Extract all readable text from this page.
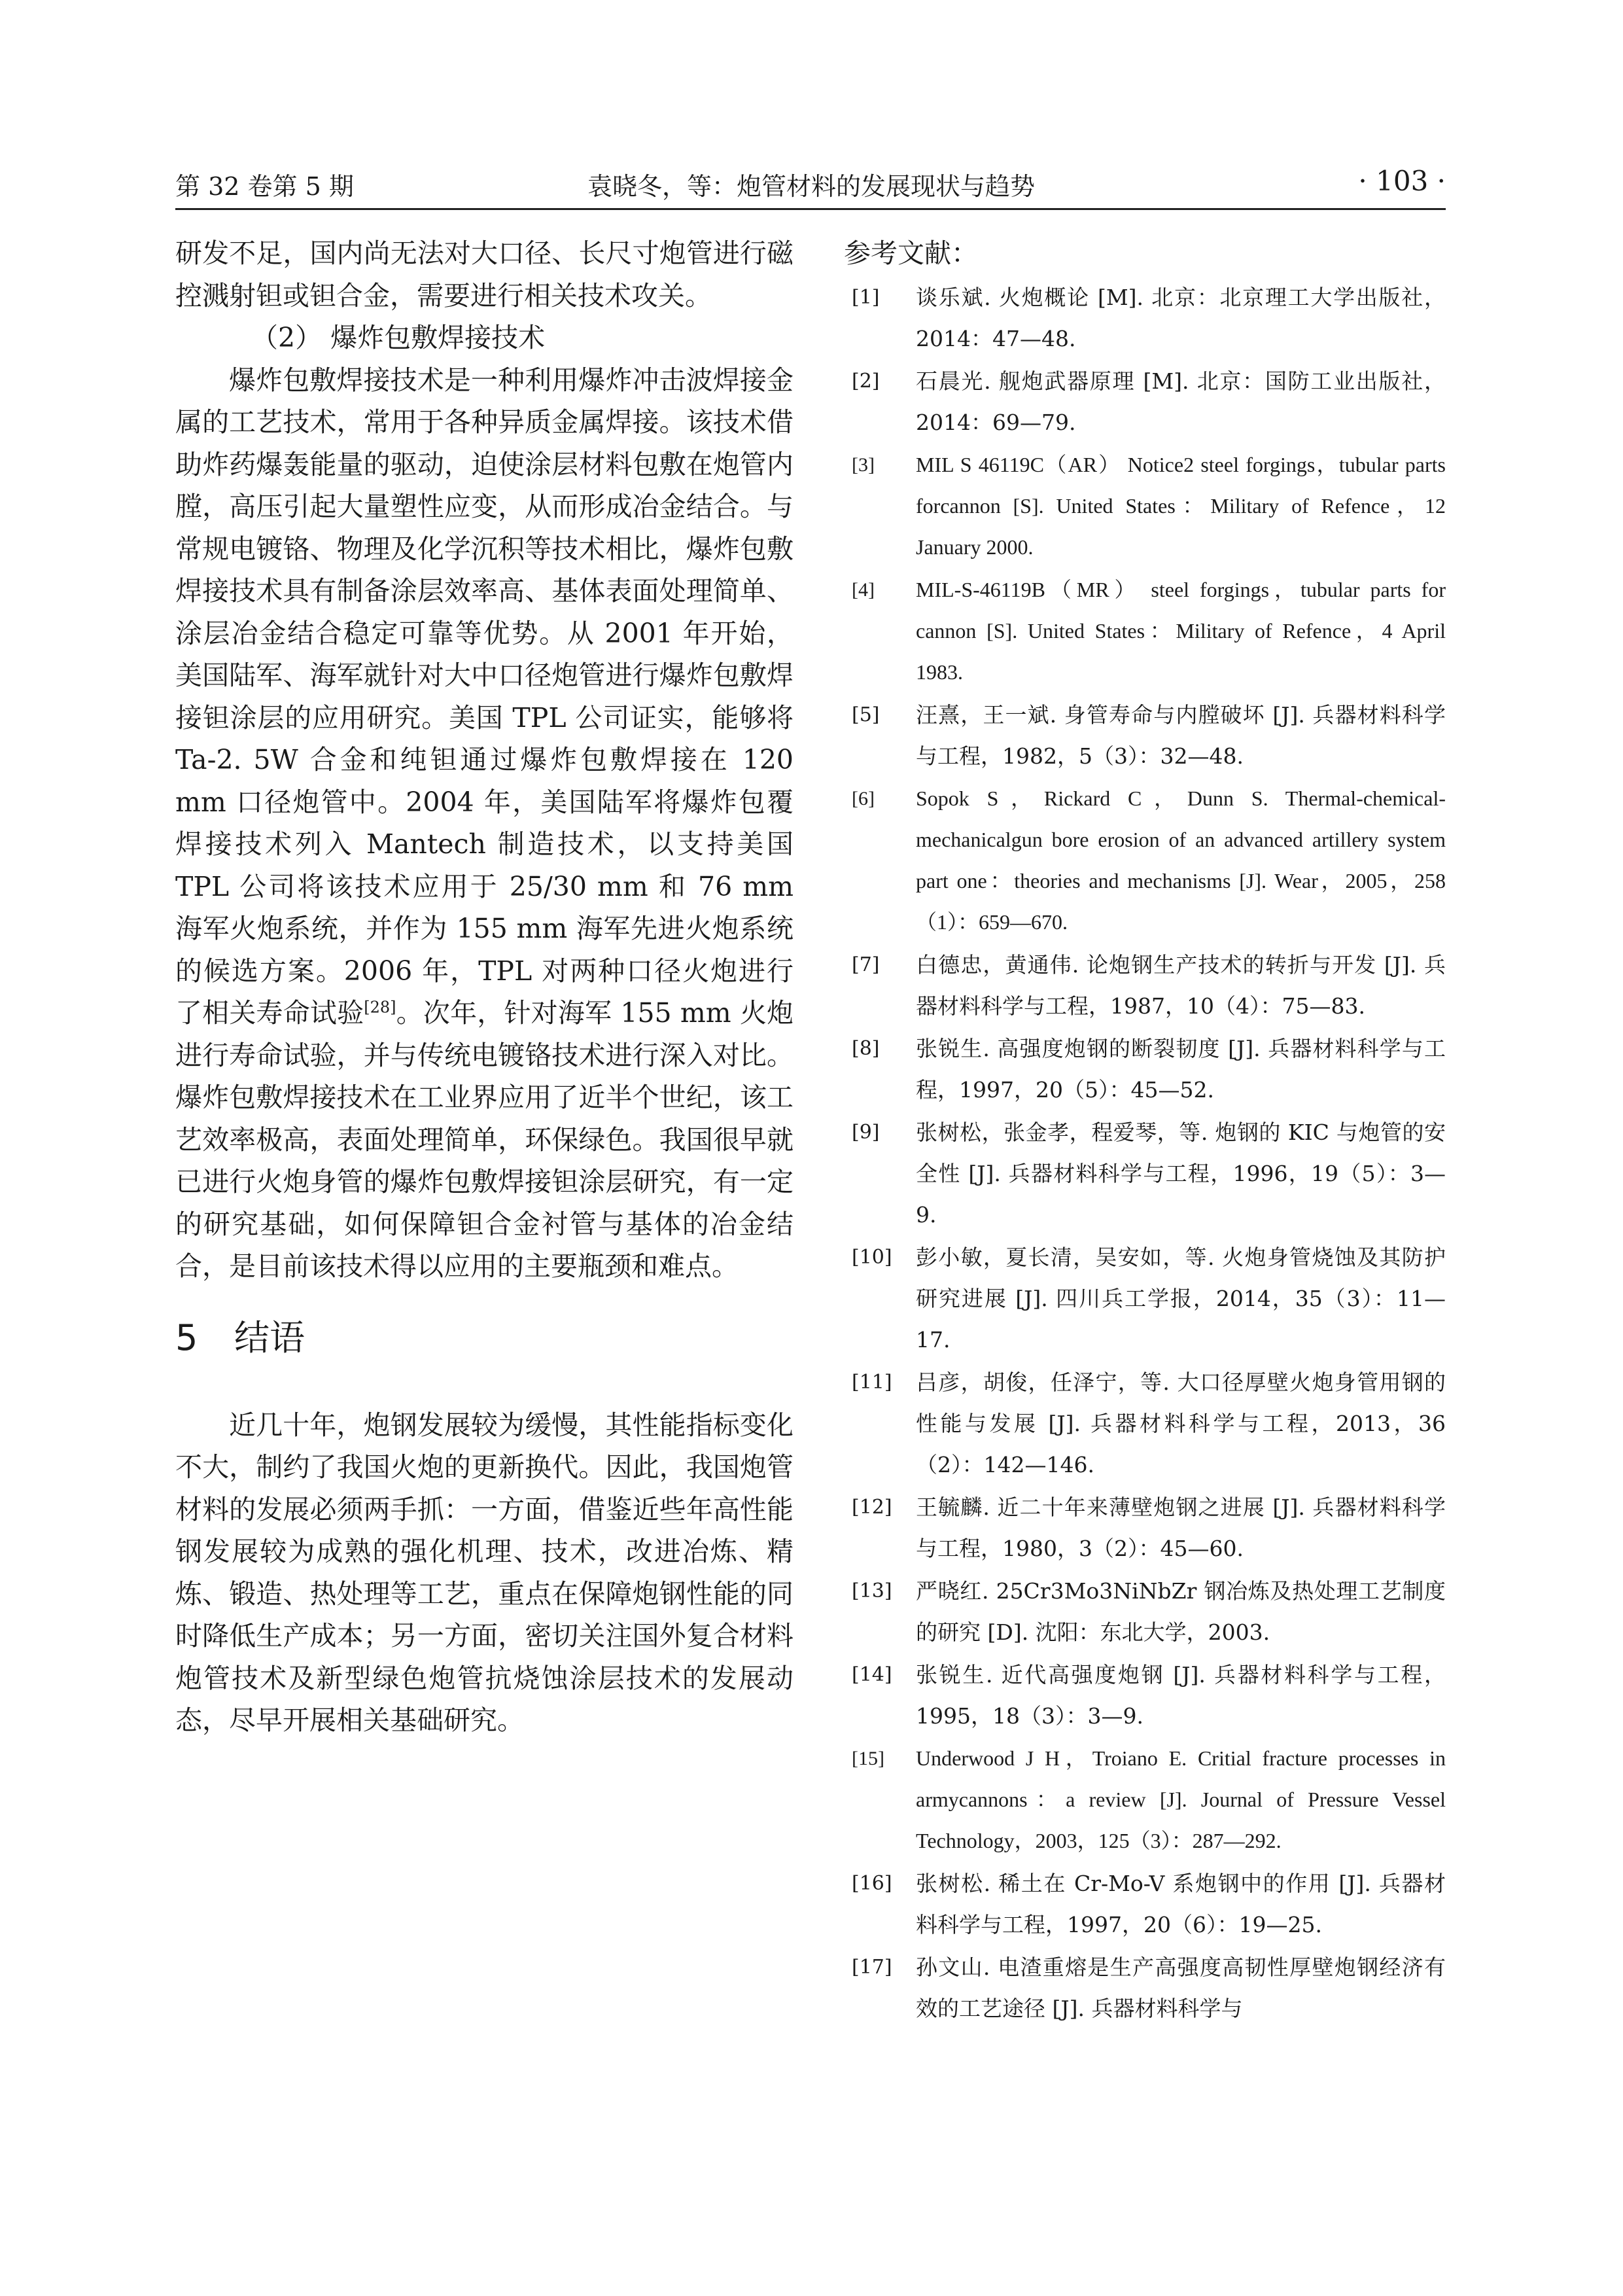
第 32 卷第 5 期	袁晓冬，等：炮管材料的发展现状与趋势	· 103 ·

研发不足，国内尚无法对大口径、长尺寸炮管进行磁控溅射钽或钽合金，需要进行相关技术攻关。

（2） 爆炸包敷焊接技术

爆炸包敷焊接技术是一种利用爆炸冲击波焊接金属的工艺技术，常用于各种异质金属焊接。该技术借助炸药爆轰能量的驱动，迫使涂层材料包敷在炮管内膛，高压引起大量塑性应变，从而形成冶金结合。与常规电镀铬、物理及化学沉积等技术相比，爆炸包敷焊接技术具有制备涂层效率高、基体表面处理简单、涂层冶金结合稳定可靠等优势。从 2001 年开始，美国陆军、海军就针对大中口径炮管进行爆炸包敷焊接钽涂层的应用研究。美国 TPL 公司证实，能够将 Ta-2. 5W 合金和纯钽通过爆炸包敷焊接在 120 mm 口径炮管中。2004 年，美国陆军将爆炸包覆焊接技术列入 Mantech 制造技术，以支持美国 TPL 公司将该技术应用于 25/30 mm 和 76 mm 海军火炮系统，并作为 155 mm 海军先进火炮系统的候选方案。2006 年，TPL 对两种口径火炮进行了相关寿命试验[28]。次年，针对海军 155 mm 火炮进行寿命试验，并与传统电镀铬技术进行深入对比。爆炸包敷焊接技术在工业界应用了近半个世纪，该工艺效率极高，表面处理简单，环保绿色。我国很早就已进行火炮身管的爆炸包敷焊接钽涂层研究，有一定的研究基础，如何保障钽合金衬管与基体的冶金结合，是目前该技术得以应用的主要瓶颈和难点。

5 结语

近几十年，炮钢发展较为缓慢，其性能指标变化不大，制约了我国火炮的更新换代。因此，我国炮管材料的发展必须两手抓：一方面，借鉴近些年高性能钢发展较为成熟的强化机理、技术，改进冶炼、精炼、锻造、热处理等工艺，重点在保障炮钢性能的同时降低生产成本；另一方面，密切关注国外复合材料炮管技术及新型绿色炮管抗烧蚀涂层技术的发展动态，尽早开展相关基础研究。

参考文献：
[1] 谈乐斌. 火炮概论 [M]. 北京：北京理工大学出版社，2014：47—48.
[2] 石晨光. 舰炮武器原理 [M]. 北京：国防工业出版社，2014：69—79.
[3] MIL S 46119C（AR） Notice2 steel forgings，tubular parts forcannon [S]. United States：Military of Refence，12 January 2000.
[4] MIL-S-46119B（MR） steel forgings，tubular parts for cannon [S]. United States：Military of Refence，4 April 1983.
[5] 汪熹，王一斌. 身管寿命与内膛破坏 [J]. 兵器材料科学与工程，1982，5（3）：32—48.
[6] Sopok S，Rickard C，Dunn S. Thermal-chemical-mechanicalgun bore erosion of an advanced artillery system part one：theories and mechanisms [J]. Wear，2005，258（1）：659—670.
[7] 白德忠，黄通伟. 论炮钢生产技术的转折与开发 [J]. 兵器材料科学与工程，1987，10（4）：75—83.
[8] 张锐生. 高强度炮钢的断裂韧度 [J]. 兵器材料科学与工程，1997，20（5）：45—52.
[9] 张树松，张金孝，程爱琴，等. 炮钢的 KIC 与炮管的安全性 [J]. 兵器材料科学与工程，1996，19（5）：3—9.
[10] 彭小敏，夏长清，吴安如，等. 火炮身管烧蚀及其防护研究进展 [J]. 四川兵工学报，2014，35（3）：11—17.
[11] 吕彦，胡俊，任泽宁，等. 大口径厚壁火炮身管用钢的性能与发展 [J]. 兵器材料科学与工程，2013，36（2）：142—146.
[12] 王毓麟. 近二十年来薄壁炮钢之进展 [J]. 兵器材料科学与工程，1980，3（2）：45—60.
[13] 严晓红. 25Cr3Mo3NiNbZr 钢冶炼及热处理工艺制度的研究 [D]. 沈阳：东北大学，2003.
[14] 张锐生. 近代高强度炮钢 [J]. 兵器材料科学与工程，1995，18（3）：3—9.
[15] Underwood J H，Troiano E. Critial fracture processes in armycannons：a review [J]. Journal of Pressure Vessel Technology，2003，125（3）：287—292.
[16] 张树松. 稀土在 Cr-Mo-V 系炮钢中的作用 [J]. 兵器材料科学与工程，1997，20（6）：19—25.
[17] 孙文山. 电渣重熔是生产高强度高韧性厚壁炮钢经济有效的工艺途径 [J]. 兵器材料科学与
